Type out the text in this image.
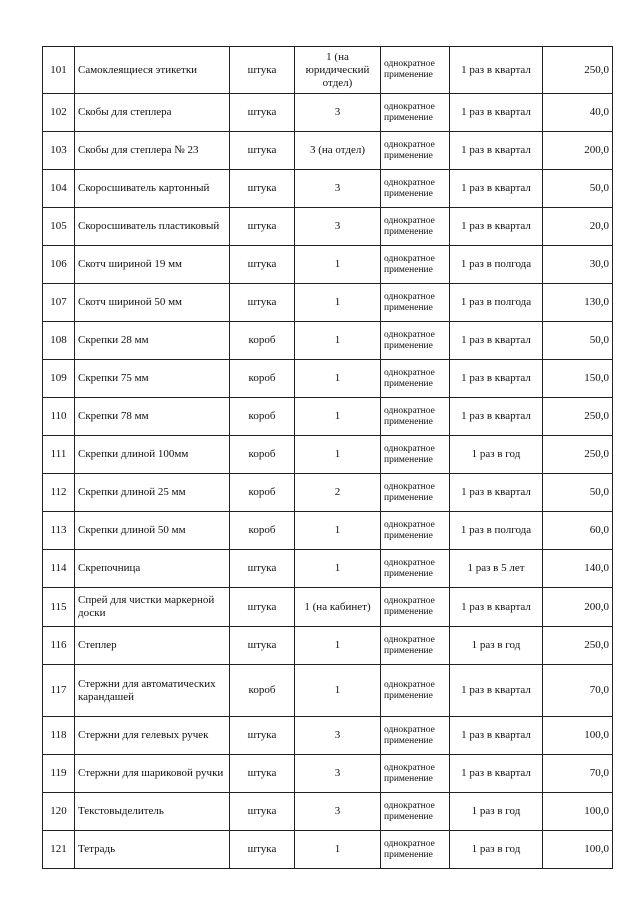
101	Самоклеящиеся этикетки	штука	1 (на юридический отдел)	однократное применение	1 раз в квартал	250,0
102	Скобы для степлера	штука	3	однократное применение	1 раз в квартал	40,0
103	Скобы для степлера № 23	штука	3 (на отдел)	однократное применение	1 раз в квартал	200,0
104	Скоросшиватель картонный	штука	3	однократное применение	1 раз в квартал	50,0
105	Скоросшиватель пластиковый	штука	3	однократное применение	1 раз в квартал	20,0
106	Скотч шириной 19 мм	штука	1	однократное применение	1 раз в полгода	30,0
107	Скотч шириной 50 мм	штука	1	однократное применение	1 раз в полгода	130,0
108	Скрепки 28 мм	короб	1	однократное применение	1 раз в квартал	50,0
109	Скрепки 75 мм	короб	1	однократное применение	1 раз в квартал	150,0
110	Скрепки 78 мм	короб	1	однократное применение	1 раз в квартал	250,0
111	Скрепки длиной 100мм	короб	1	однократное применение	1 раз в год	250,0
112	Скрепки длиной 25 мм	короб	2	однократное применение	1 раз в квартал	50,0
113	Скрепки длиной 50 мм	короб	1	однократное применение	1 раз в полгода	60,0
114	Скрепочница	штука	1	однократное применение	1 раз в 5 лет	140,0
115	Спрей для чистки маркерной доски	штука	1 (на кабинет)	однократное применение	1 раз в квартал	200,0
116	Степлер	штука	1	однократное применение	1 раз в год	250,0
117	Стержни для автоматических карандашей	короб	1	однократное применение	1 раз в квартал	70,0
118	Стержни для гелевых ручек	штука	3	однократное применение	1 раз в квартал	100,0
119	Стержни для шариковой ручки	штука	3	однократное применение	1 раз в квартал	70,0
120	Текстовыделитель	штука	3	однократное применение	1 раз в год	100,0
121	Тетрадь	штука	1	однократное применение	1 раз в год	100,0
